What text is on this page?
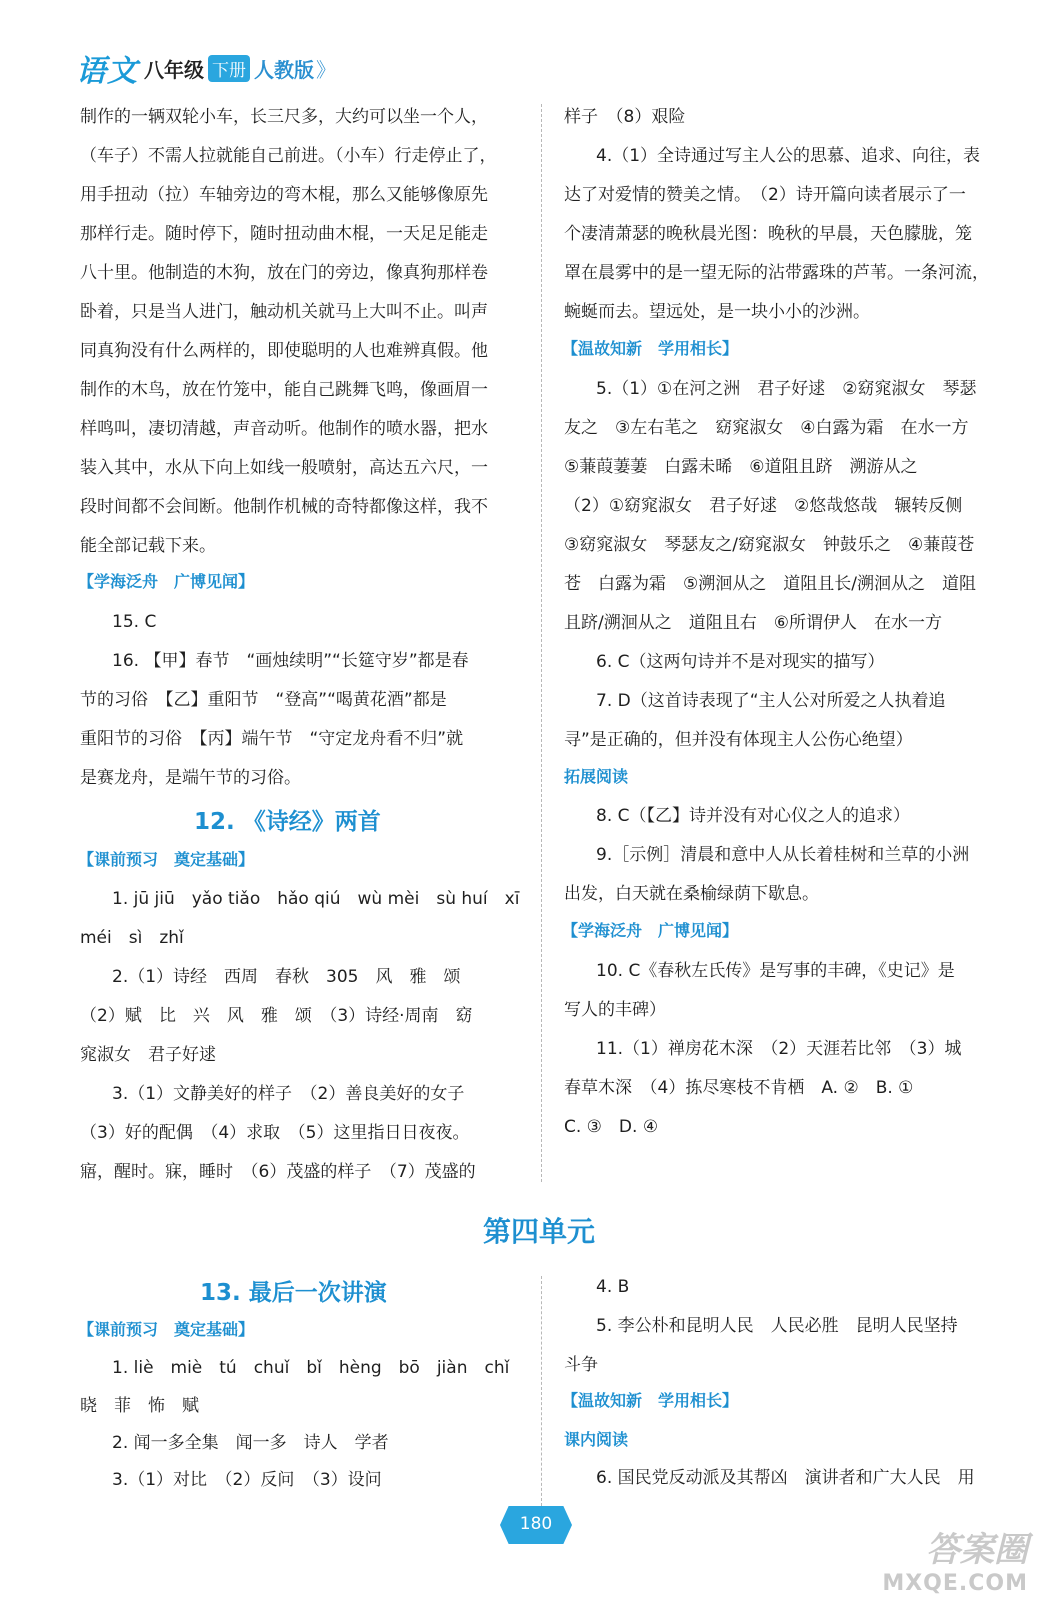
语文 八年级 下册 人教版 》
制作的一辆双轮小车，长三尺多，大约可以坐一个人，
（车子）不需人拉就能自己前进。（小车）行走停止了，
用手扭动（拉）车轴旁边的弯木棍，那么又能够像原先
那样行走。随时停下，随时扭动曲木棍，一天足足能走
八十里。他制造的木狗，放在门的旁边，像真狗那样卷
卧着，只是当人进门，触动机关就马上大叫不止。叫声
同真狗没有什么两样的，即使聪明的人也难辨真假。他
制作的木鸟，放在竹笼中，能自己跳舞飞鸣，像画眉一
样鸣叫，凄切清越，声音动听。他制作的喷水器，把水
装入其中，水从下向上如线一般喷射，高达五六尺，一
段时间都不会间断。他制作机械的奇特都像这样，我不
能全部记载下来。
【学海泛舟　广博见闻】
15. C
16. 【甲】春节　“画烛续明”“长筵守岁”都是春
节的习俗　【乙】重阳节　“登高”“喝黄花酒”都是
重阳节的习俗　【丙】端午节　“守定龙舟看不归”就
是赛龙舟，是端午节的习俗。
12. 《诗经》两首
【课前预习　奠定基础】
1. jū jiū　yǎo tiǎo　hǎo qiú　wù mèi　sù huí　xī
méi　sì　zhǐ
2.（1）诗经　西周　春秋　305　风　雅　颂
（2）赋　比　兴　风　雅　颂　（3）诗经·周南　窈
窕淑女　君子好逑
3.（1）文静美好的样子　（2）善良美好的女子
（3）好的配偶　（4）求取　（5）这里指日日夜夜。
寤，醒时。寐，睡时　（6）茂盛的样子　（7）茂盛的
样子　（8）艰险
4.（1）全诗通过写主人公的思慕、追求、向往，表
达了对爱情的赞美之情。　（2）诗开篇向读者展示了一
个凄清萧瑟的晚秋晨光图：晚秋的早晨，天色朦胧，笼
罩在晨雾中的是一望无际的沾带露珠的芦苇。一条河流，
蜿蜒而去。望远处，是一块小小的沙洲。
【温故知新　学用相长】
5.（1）①在河之洲　君子好逑　②窈窕淑女　琴瑟
友之　③左右芼之　窈窕淑女　④白露为霜　在水一方
⑤蒹葭萋萋　白露未晞　⑥道阻且跻　溯游从之
（2）①窈窕淑女　君子好逑　②悠哉悠哉　辗转反侧
③窈窕淑女　琴瑟友之/窈窕淑女　钟鼓乐之　④蒹葭苍
苍　白露为霜　⑤溯洄从之　道阻且长/溯洄从之　道阻
且跻/溯洄从之　道阻且右　⑥所谓伊人　在水一方
6. C（这两句诗并不是对现实的描写）
7. D（这首诗表现了“主人公对所爱之人执着追
寻”是正确的，但并没有体现主人公伤心绝望）
拓展阅读
8. C（【乙】诗并没有对心仪之人的追求）
9.［示例］清晨和意中人从长着桂树和兰草的小洲
出发，白天就在桑榆绿荫下歇息。
【学海泛舟　广博见闻】
10. C《春秋左氏传》是写事的丰碑，《史记》是
写人的丰碑）
11.（1）禅房花木深　（2）天涯若比邻　（3）城
春草木深　（4）拣尽寒枝不肯栖　A. ②　B. ①
C. ③　D. ④
第四单元
13. 最后一次讲演
【课前预习　奠定基础】
1. liè　miè　tú　chuǐ　bǐ　hèng　bō　jiàn　chǐ
晓　菲　怖　赋
2. 闻一多全集　闻一多　诗人　学者
3.（1）对比　（2）反问　（3）设问
4. B
5. 李公朴和昆明人民　人民必胜　昆明人民坚持
斗争
【温故知新　学用相长】
课内阅读
6. 国民党反动派及其帮凶　演讲者和广大人民　用
180
答案圈
MXQE.COM
